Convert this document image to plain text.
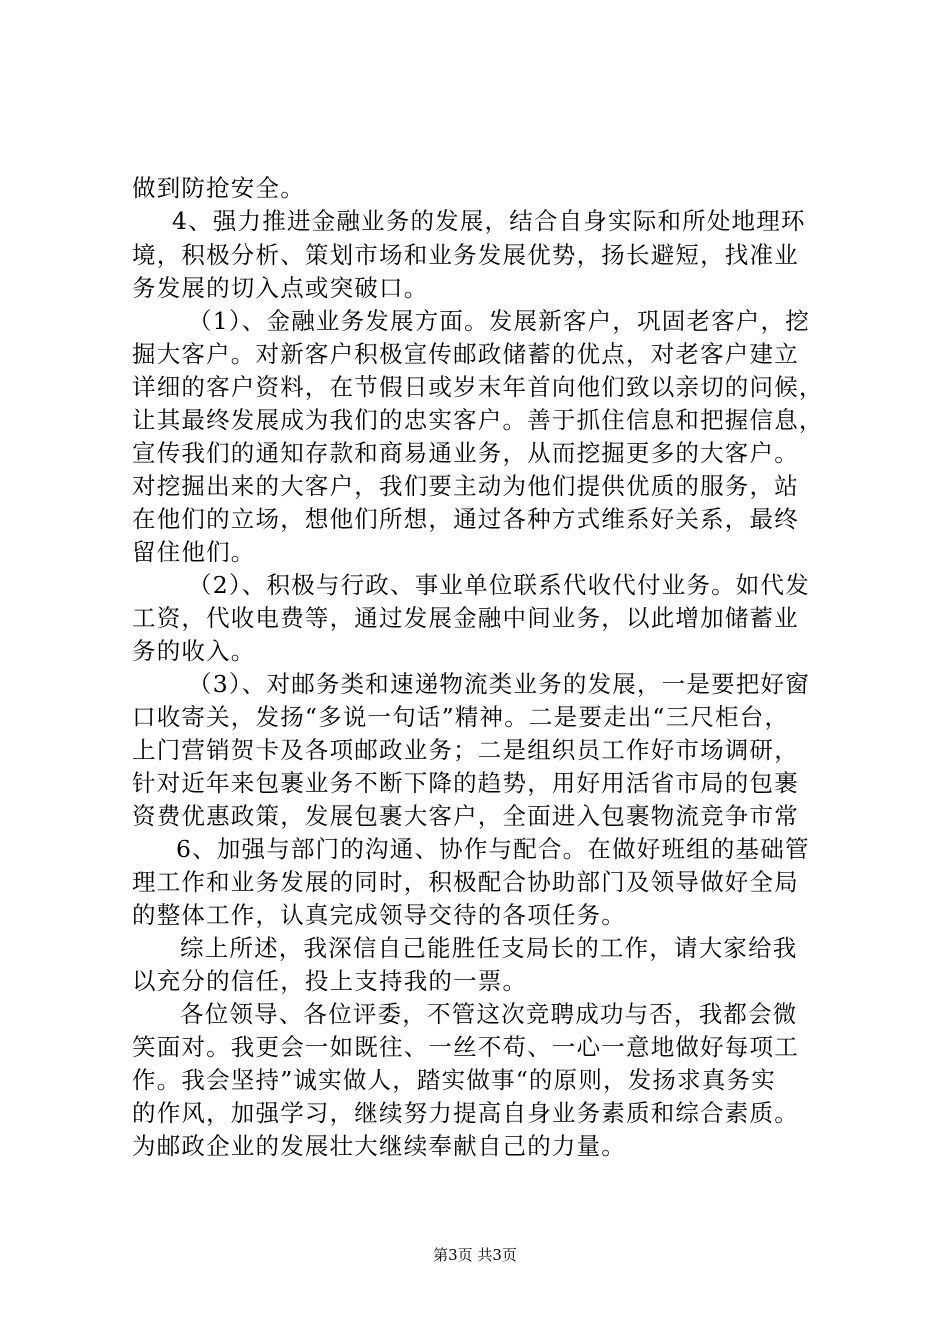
做到防抢安全。
4、强力推进金融业务的发展，结合自身实际和所处地理环
境，积极分析、策划市场和业务发展优势，扬长避短，找准业
务发展的切入点或突破口。
（1）、金融业务发展方面。发展新客户，巩固老客户，挖
掘大客户。对新客户积极宣传邮政储蓄的优点，对老客户建立
详细的客户资料，在节假日或岁末年首向他们致以亲切的问候，
让其最终发展成为我们的忠实客户。善于抓住信息和把握信息，
宣传我们的通知存款和商易通业务，从而挖掘更多的大客户。
对挖掘出来的大客户，我们要主动为他们提供优质的服务，站
在他们的立场，想他们所想，通过各种方式维系好关系，最终
留住他们。
（2）、积极与行政、事业单位联系代收代付业务。如代发
工资，代收电费等，通过发展金融中间业务，以此增加储蓄业
务的收入。
（3）、对邮务类和速递物流类业务的发展，一是要把好窗
口收寄关，发扬“多说一句话”精神。二是要走出“三尺柜台，
上门营销贺卡及各项邮政业务；二是组织员工作好市场调研，
针对近年来包裹业务不断下降的趋势，用好用活省市局的包裹
资费优惠政策，发展包裹大客户，全面进入包裹物流竞争市常
6、加强与部门的沟通、协作与配合。在做好班组的基础管
理工作和业务发展的同时，积极配合协助部门及领导做好全局
的整体工作，认真完成领导交待的各项任务。
综上所述，我深信自己能胜任支局长的工作，请大家给我
以充分的信任，投上支持我的一票。
各位领导、各位评委，不管这次竞聘成功与否，我都会微
笑面对。我更会一如既往、一丝不苟、一心一意地做好每项工
作。我会坚持”诚实做人，踏实做事“的原则，发扬求真务实
的作风，加强学习，继续努力提高自身业务素质和综合素质。
为邮政企业的发展壮大继续奉献自己的力量。
第3页 共3页
